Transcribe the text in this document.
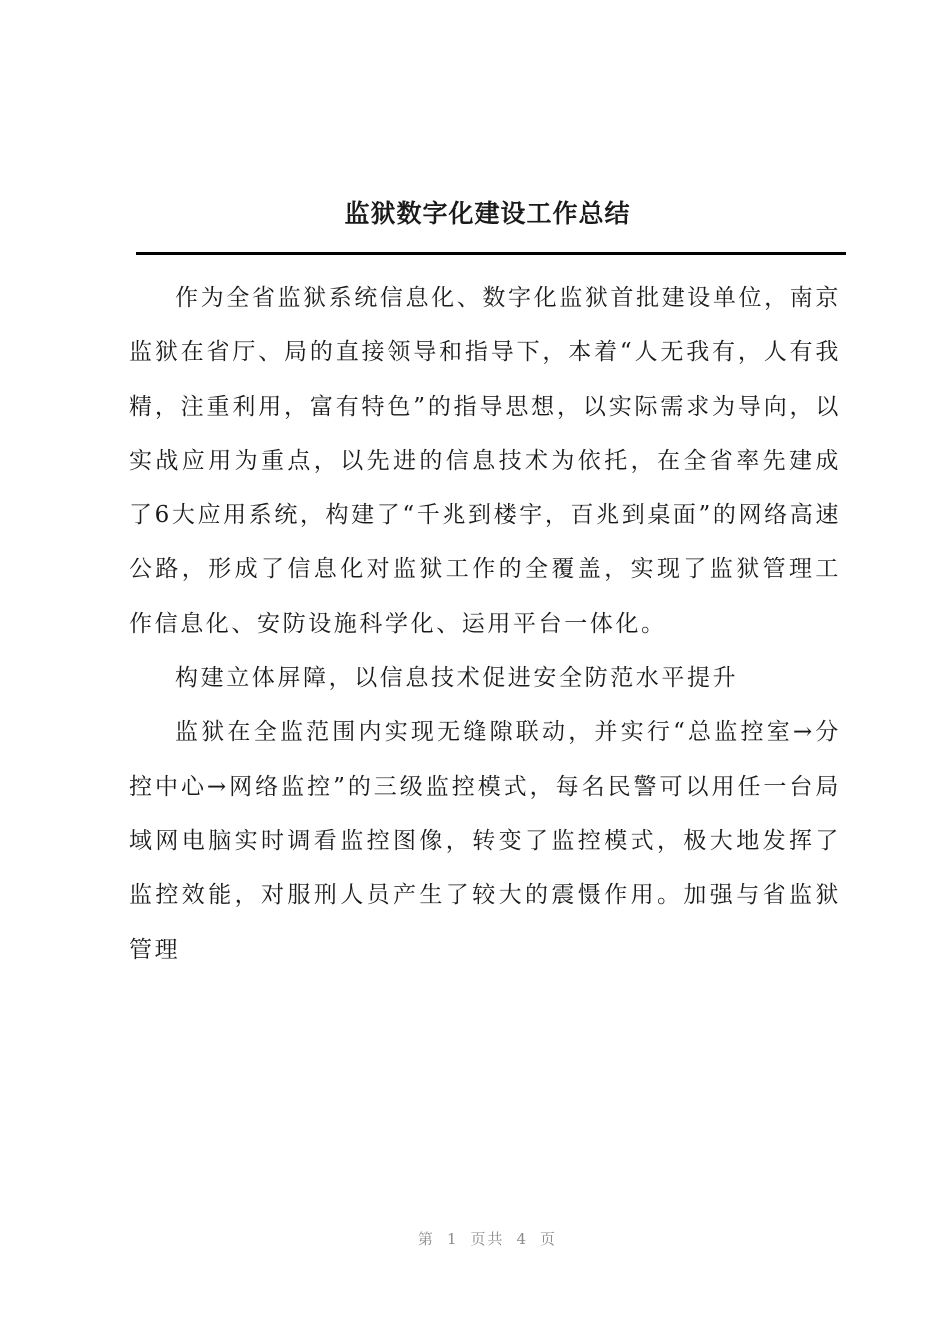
监狱数字化建设工作总结

作为全省监狱系统信息化、数字化监狱首批建设单位，南京监狱在省厅、局的直接领导和指导下，本着“人无我有，人有我精，注重利用，富有特色”的指导思想，以实际需求为导向，以实战应用为重点，以先进的信息技术为依托，在全省率先建成了6大应用系统，构建了“千兆到楼宇，百兆到桌面”的网络高速公路，形成了信息化对监狱工作的全覆盖，实现了监狱管理工作信息化、安防设施科学化、运用平台一体化。

构建立体屏障，以信息技术促进安全防范水平提升

监狱在全监范围内实现无缝隙联动，并实行“总监控室→分控中心→网络监控”的三级监控模式，每名民警可以用任一台局域网电脑实时调看监控图像，转变了监控模式，极大地发挥了监控效能，对服刑人员产生了较大的震慑作用。加强与省监狱管理

第 1 页共 4 页
